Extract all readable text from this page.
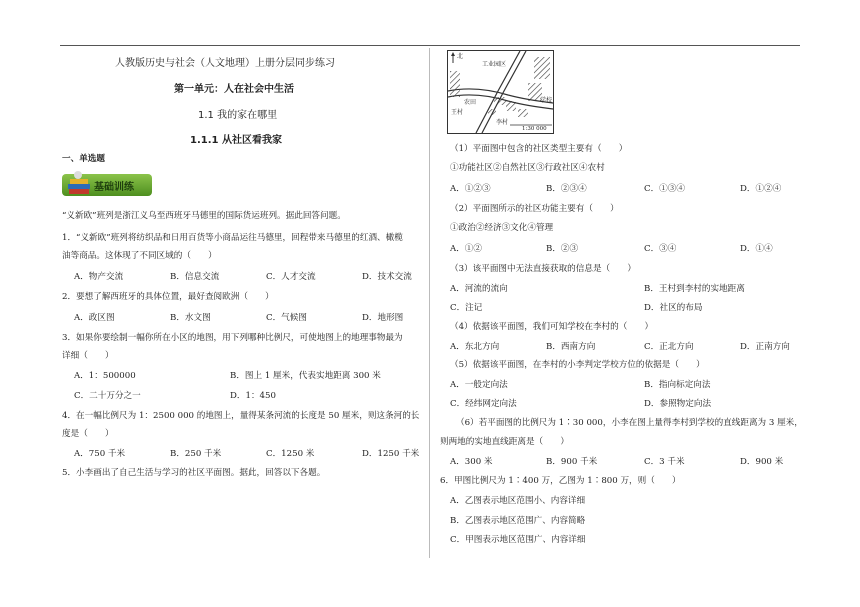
人教版历史与社会（人文地理）上册分层同步练习
第一单元：人在社会中生活
1.1 我的家在哪里
1.1.1 从社区看我家
一、单选题
基础训练
“义新欧”班列是浙江义乌至西班牙马德里的国际货运班列。据此回答问题。
1．“义新欧”班列将纺织品和日用百货等小商品运往马德里，回程带来马德里的红酒、橄榄
油等商品。这体现了不同区域的（　　）
A．物产交流	B．信息交流	C．人才交流	D．技术交流
2．要想了解西班牙的具体位置，最好查阅欧洲（　　）
A．政区图	B．水文图	C．气候图	D．地形图
3．如果你要绘制一幅你所在小区的地图，用下列哪种比例尺，可使地图上的地理事物最为
详细（　　）
A．1：500000	B．图上 1 厘米，代表实地距离 300 米
C．二十万分之一	D．1：450
4．在一幅比例尺为 1：2500 000 的地图上，量得某条河流的长度是 50 厘米，则这条河的长
度是（　　）
A．750 千米	B．250 千米	C．1250 米	D．1250 千米
5．小李画出了自己生活与学习的社区平面图。据此，回答以下各题。
北
工业园区
农田
王村
学校
李村
1:30 000
（1）平面图中包含的社区类型主要有（　　）
①功能社区②自然社区③行政社区④农村
A．①②③	B．②③④	C．①③④	D．①②④
（2）平面图所示的社区功能主要有（　　）
①政治②经济③文化④管理
A．①②	B．②③	C．③④	D．①④
（3）该平面图中无法直接获取的信息是（　　）
A．河流的流向	B．王村到李村的实地距离
C．注记	D．社区的布局
（4）依据该平面图，我们可知学校在李村的（　　）
A．东北方向	B．西南方向	C．正北方向	D．正南方向
（5）依据该平面图，在李村的小李判定学校方位的依据是（　　）
A．一般定向法	B．指向标定向法
C．经纬网定向法	D．参照物定向法
（6）若平面图的比例尺为 1∶30 000，小李在图上量得李村到学校的直线距离为 3 厘米，
则两地的实地直线距离是（　　）
A．300 米	B．900 千米	C．3 千米	D．900 米
6．甲图比例尺为 1∶400 万，乙图为 1∶800 万，则（　　）
A．乙图表示地区范围小、内容详细
B．乙图表示地区范围广、内容简略
C．甲图表示地区范围广、内容详细
